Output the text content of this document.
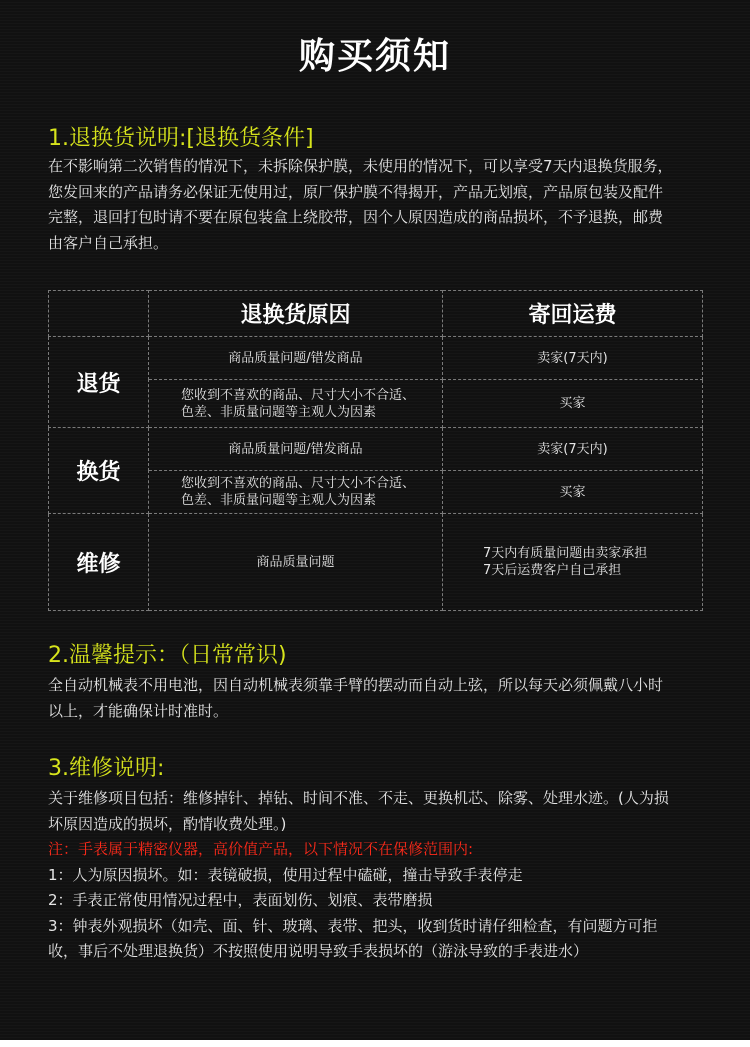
购买须知
1.退换货说明:[退换货条件]

在不影响第二次销售的情况下，未拆除保护膜，未使用的情况下，可以享受7天内退换货服务，

您发回来的产品请务必保证无使用过，原厂保护膜不得揭开，产品无划痕，产品原包装及配件

完整，退回打包时请不要在原包装盒上绕胶带，因个人原因造成的商品损坏，不予退换，邮费

由客户自己承担。

	退换货原因	寄回运费
退货	商品质量问题/错发商品	卖家(7天内)

	您收到不喜欢的商品、尺寸大小不合适、
色差、非质量问题等主观人为因素	买家
换货	商品质量问题/错发商品	卖家(7天内)

	您收到不喜欢的商品、尺寸大小不合适、
色差、非质量问题等主观人为因素	买家
维修	商品质量问题	7天内有质量问题由卖家承担
7天后运费客户自己承担
2.温馨提示：（日常常识)

全自动机械表不用电池，因自动机械表须靠手臂的摆动而自动上弦，所以每天必须佩戴八小时

以上，才能确保计时准时。

3.维修说明:

关于维修项目包括：维修掉针、掉钻、时间不准、不走、更换机芯、除雾、处理水迹。(人为损

坏原因造成的损坏，酌情收费处理。)

注：手表属于精密仪器，高价值产品，以下情况不在保修范围内:

1：人为原因损坏。如：表镜破损，使用过程中磕碰，撞击导致手表停走

2：手表正常使用情况过程中，表面划伤、划痕、表带磨损

3：钟表外观损坏（如壳、面、针、玻璃、表带、把头，收到货时请仔细检查，有问题方可拒

收，事后不处理退换货）不按照使用说明导致手表损坏的（游泳导致的手表进水）
